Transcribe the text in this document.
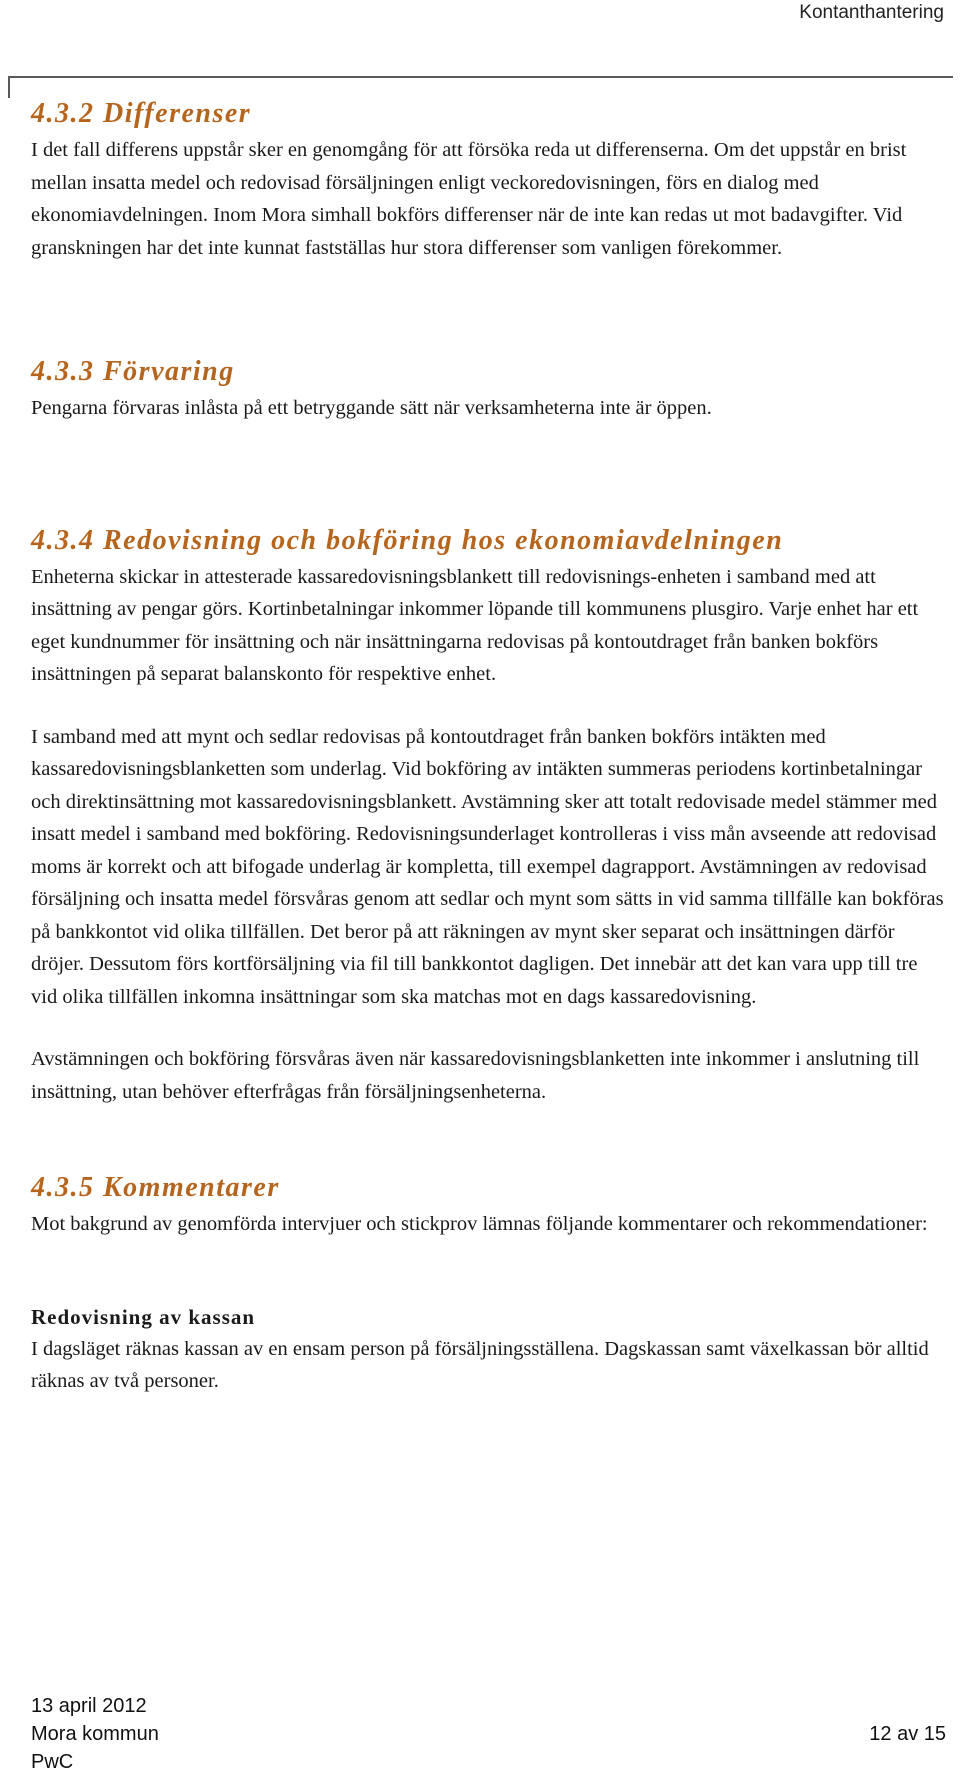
Kontanthantering
4.3.2 Differenser

I det fall differens uppstår sker en genomgång för att försöka reda ut differenserna. Om det uppstår en brist mellan insatta medel och redovisad försäljningen enligt veckoredovisningen, förs en dialog med ekonomiavdelningen. Inom Mora simhall bokförs differenser när de inte kan redas ut mot badavgifter. Vid granskningen har det inte kunnat fastställas hur stora differenser som vanligen förekommer.

4.3.3 Förvaring

Pengarna förvaras inlåsta på ett betryggande sätt när verksamheterna inte är öppen.

4.3.4 Redovisning och bokföring hos ekonomiavdelningen

Enheterna skickar in attesterade kassaredovisningsblankett till redovisnings-enheten i samband med att insättning av pengar görs. Kortinbetalningar inkommer löpande till kommunens plusgiro. Varje enhet har ett eget kundnummer för insättning och när insättningarna redovisas på kontoutdraget från banken bokförs insättningen på separat balanskonto för respektive enhet.

I samband med att mynt och sedlar redovisas på kontoutdraget från banken bokförs intäkten med kassaredovisningsblanketten som underlag. Vid bokföring av intäkten summeras periodens kortinbetalningar och direktinsättning mot kassaredovisningsblankett. Avstämning sker att totalt redovisade medel stämmer med insatt medel i samband med bokföring. Redovisningsunderlaget kontrolleras i viss mån avseende att redovisad moms är korrekt och att bifogade underlag är kompletta, till exempel dagrapport. Avstämningen av redovisad försäljning och insatta medel försvåras genom att sedlar och mynt som sätts in vid samma tillfälle kan bokföras på bankkontot vid olika tillfällen. Det beror på att räkningen av mynt sker separat och insättningen därför dröjer. Dessutom förs kortförsäljning via fil till bankkontot dagligen. Det innebär att det kan vara upp till tre vid olika tillfällen inkomna insättningar som ska matchas mot en dags kassaredovisning.

Avstämningen och bokföring försvåras även när kassaredovisningsblanketten inte inkommer i anslutning till insättning, utan behöver efterfrågas från försäljningsenheterna.

4.3.5 Kommentarer

Mot bakgrund av genomförda intervjuer och stickprov lämnas följande kommentarer och rekommendationer:

Redovisning av kassan

I dagsläget räknas kassan av en ensam person på försäljningsställena. Dagskassan samt växelkassan bör alltid räknas av två personer.

13 april 2012
Mora kommun
PwC
12 av 15
